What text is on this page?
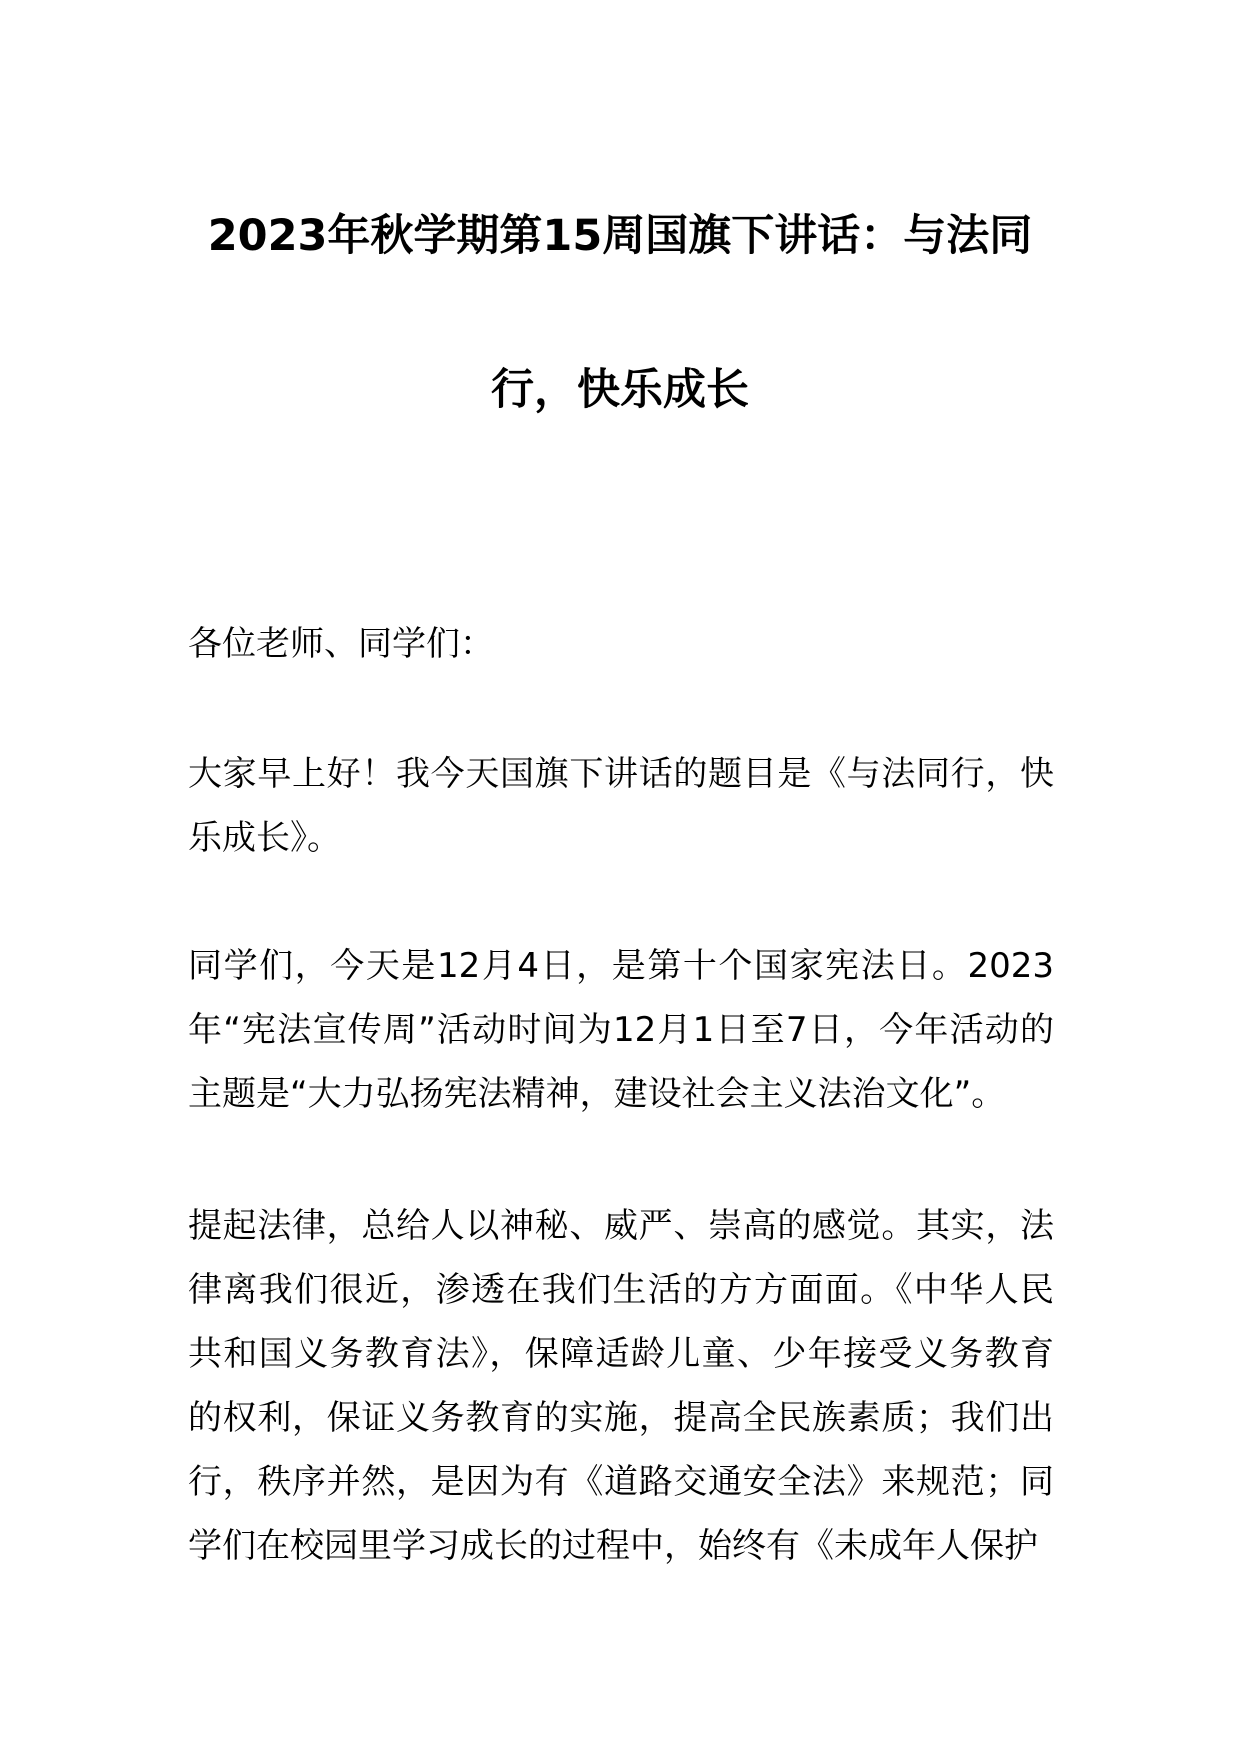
2023年秋学期第15周国旗下讲话：与法同
行，快乐成长

各位老师、同学们：

大家早上好！我今天国旗下讲话的题目是《与法同行，快乐成长》。

同学们，今天是12月4日，是第十个国家宪法日。2023年“宪法宣传周”活动时间为12月1日至7日，今年活动的主题是“大力弘扬宪法精神，建设社会主义法治文化”。

提起法律，总给人以神秘、威严、崇高的感觉。其实，法律离我们很近，渗透在我们生活的方方面面。《中华人民共和国义务教育法》，保障适龄儿童、少年接受义务教育的权利，保证义务教育的实施，提高全民族素质；我们出行，秩序并然，是因为有《道路交通安全法》来规范；同学们在校园里学习成长的过程中，始终有《未成年人保护
